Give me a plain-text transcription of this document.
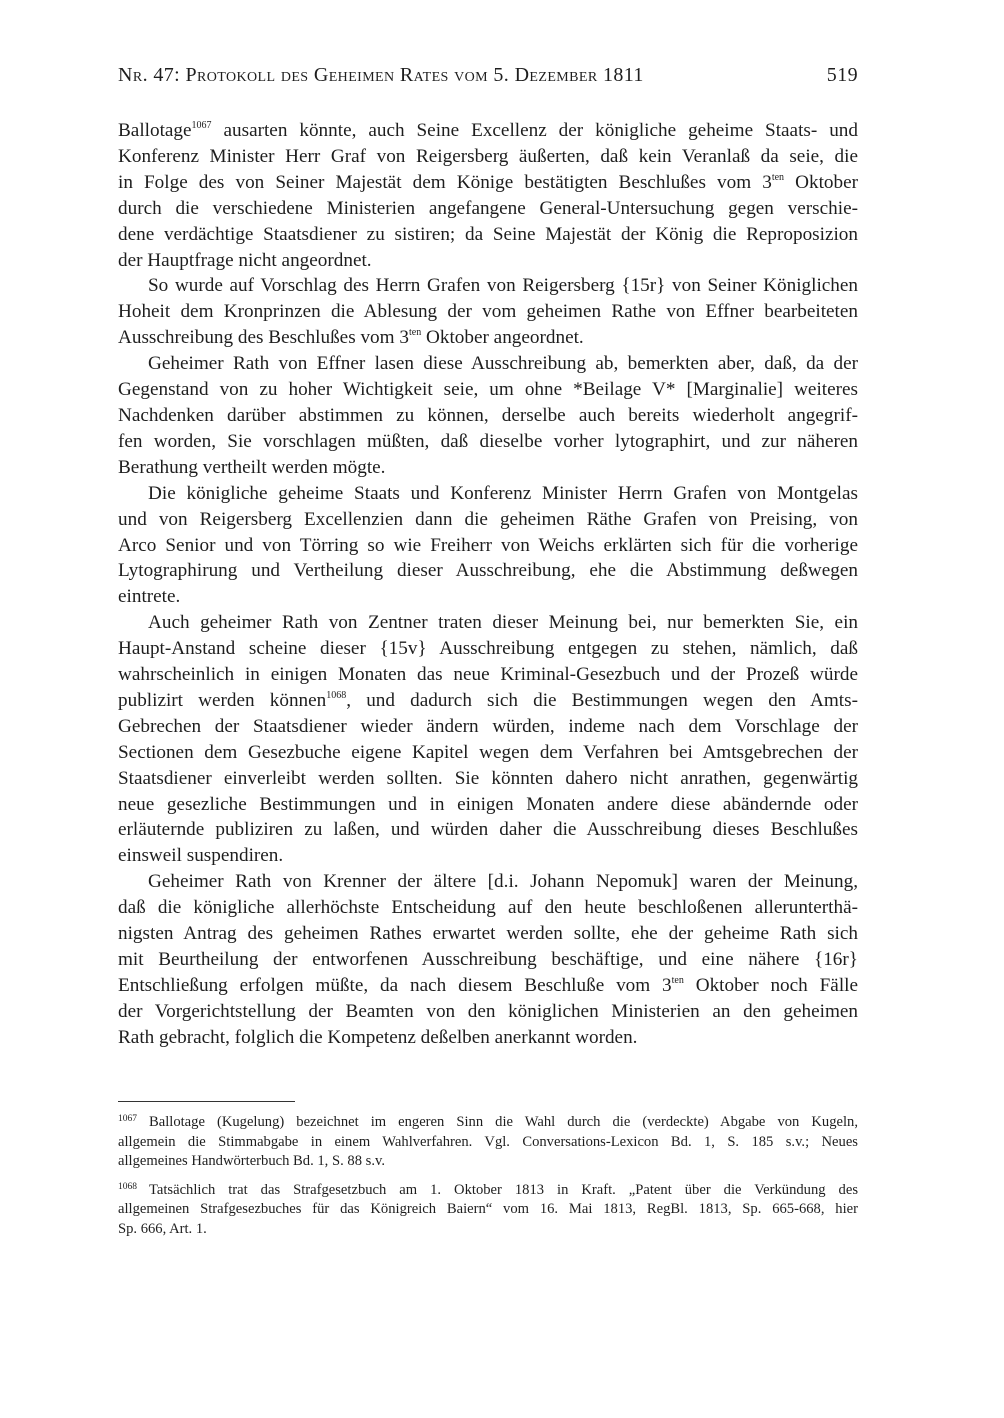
Nr. 47: Protokoll des Geheimen Rates vom 5. Dezember 1811	519
Ballotage$^{1067}$ ausarten könnte, auch Seine Excellenz der königliche geheime Staats- und
Konferenz Minister Herr Graf von Reigersberg äußerten, daß kein Veranlaß da seie, die
in Folge des von Seiner Majestät dem Könige bestätigten Beschlußes vom $3^{ten}$ Oktober
durch die verschiedene Ministerien angefangene General-Untersuchung gegen verschie-
dene verdächtige Staatsdiener zu sistiren; da Seine Majestät der König die Reproposizion
der Hauptfrage nicht angeordnet.
So wurde auf Vorschlag des Herrn Grafen von Reigersberg {15r} von Seiner Königlichen
Hoheit dem Kronprinzen die Ablesung der vom geheimen Rathe von Effner bearbeiteten
Ausschreibung des Beschlußes vom $3^{ten}$ Oktober angeordnet.
Geheimer Rath von Effner lasen diese Ausschreibung ab, bemerkten aber, daß, da der
Gegenstand von zu hoher Wichtigkeit seie, um ohne *Beilage V* [Marginalie] weiteres
Nachdenken darüber abstimmen zu können, derselbe auch bereits wiederholt angegrif-
fen worden, Sie vorschlagen müßten, daß dieselbe vorher lytographirt, und zur näheren
Berathung vertheilt werden mögte.
Die königliche geheime Staats und Konferenz Minister Herrn Grafen von Montgelas
und von Reigersberg Excellenzien dann die geheimen Räthe Grafen von Preising, von
Arco Senior und von Törring so wie Freiherr von Weichs erklärten sich für die vorherige
Lytographirung und Vertheilung dieser Ausschreibung, ehe die Abstimmung deßwegen
eintrete.
Auch geheimer Rath von Zentner traten dieser Meinung bei, nur bemerkten Sie, ein
Haupt-Anstand scheine dieser {15v} Ausschreibung entgegen zu stehen, nämlich, daß
wahrscheinlich in einigen Monaten das neue Kriminal-Gesezbuch und der Prozeß würde
publizirt werden können$^{1068}$, und dadurch sich die Bestimmungen wegen den Amts-
Gebrechen der Staatsdiener wieder ändern würden, indeme nach dem Vorschlage der
Sectionen dem Gesezbuche eigene Kapitel wegen dem Verfahren bei Amtsgebrechen der
Staatsdiener einverleibt werden sollten. Sie könnten dahero nicht anrathen, gegenwärtig
neue gesezliche Bestimmungen und in einigen Monaten andere diese abändernde oder
erläuternde publiziren zu laßen, und würden daher die Ausschreibung dieses Beschlußes
einsweil suspendiren.
Geheimer Rath von Krenner der ältere [d.i. Johann Nepomuk] waren der Meinung,
daß die königliche allerhöchste Entscheidung auf den heute beschloßenen allerunterthä-
nigsten Antrag des geheimen Rathes erwartet werden sollte, ehe der geheime Rath sich
mit Beurtheilung der entworfenen Ausschreibung beschäftige, und eine nähere {16r}
Entschließung erfolgen müßte, da nach diesem Beschluße vom $3^{ten}$ Oktober noch Fälle
der Vorgerichtstellung der Beamten von den königlichen Ministerien an den geheimen
Rath gebracht, folglich die Kompetenz deßelben anerkannt worden.
$^{1067}$ Ballotage (Kugelung) bezeichnet im engeren Sinn die Wahl durch die (verdeckte) Abgabe von Kugeln,
allgemein die Stimmabgabe in einem Wahlverfahren. Vgl. Conversations-Lexicon Bd. 1, S. 185 s.v.; Neues
allgemeines Handwörterbuch Bd. 1, S. 88 s.v.
$^{1068}$ Tatsächlich trat das Strafgesetzbuch am 1. Oktober 1813 in Kraft. „Patent über die Verkündung des
allgemeinen Strafgesezbuches für das Königreich Baiern“ vom 16. Mai 1813, RegBl. 1813, Sp. 665-668, hier
Sp. 666, Art. 1.
